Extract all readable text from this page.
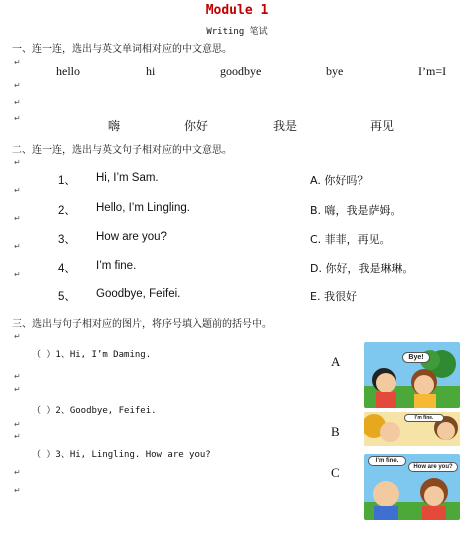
Module 1
Writing 笔试
一、连一连，选出与英文单词相对应的中文意思。
↵
↵
↵
↵
hello	hi	goodbye	bye	I’m=I
嗨	你好	我是	再见
二、连一连，选出与英文句子相对应的中文意思。
↵
↵
↵
↵
↵
1、 Hi, I’m Sam.	A. 你好吗？
2、 Hello, I’m Lingling.	B. 嗨，我是萨姆。
3、 How are you?	C. 菲菲，再见。
4、 I’m fine.	D. 你好，我是琳琳。
5、 Goodbye, Feifei.	E. 我很好
三、选出与句子相对应的图片，将序号填入题前的括号中。
↵
↵
↵
↵
↵
↵
↵
（ ）1、Hi, I’m Daming.
（ ）2、Goodbye, Feifei.
（ ）3、Hi, Lingling. How are you?
A
B
C
Bye!
I’m fine.
I’m fine.
How are you?
